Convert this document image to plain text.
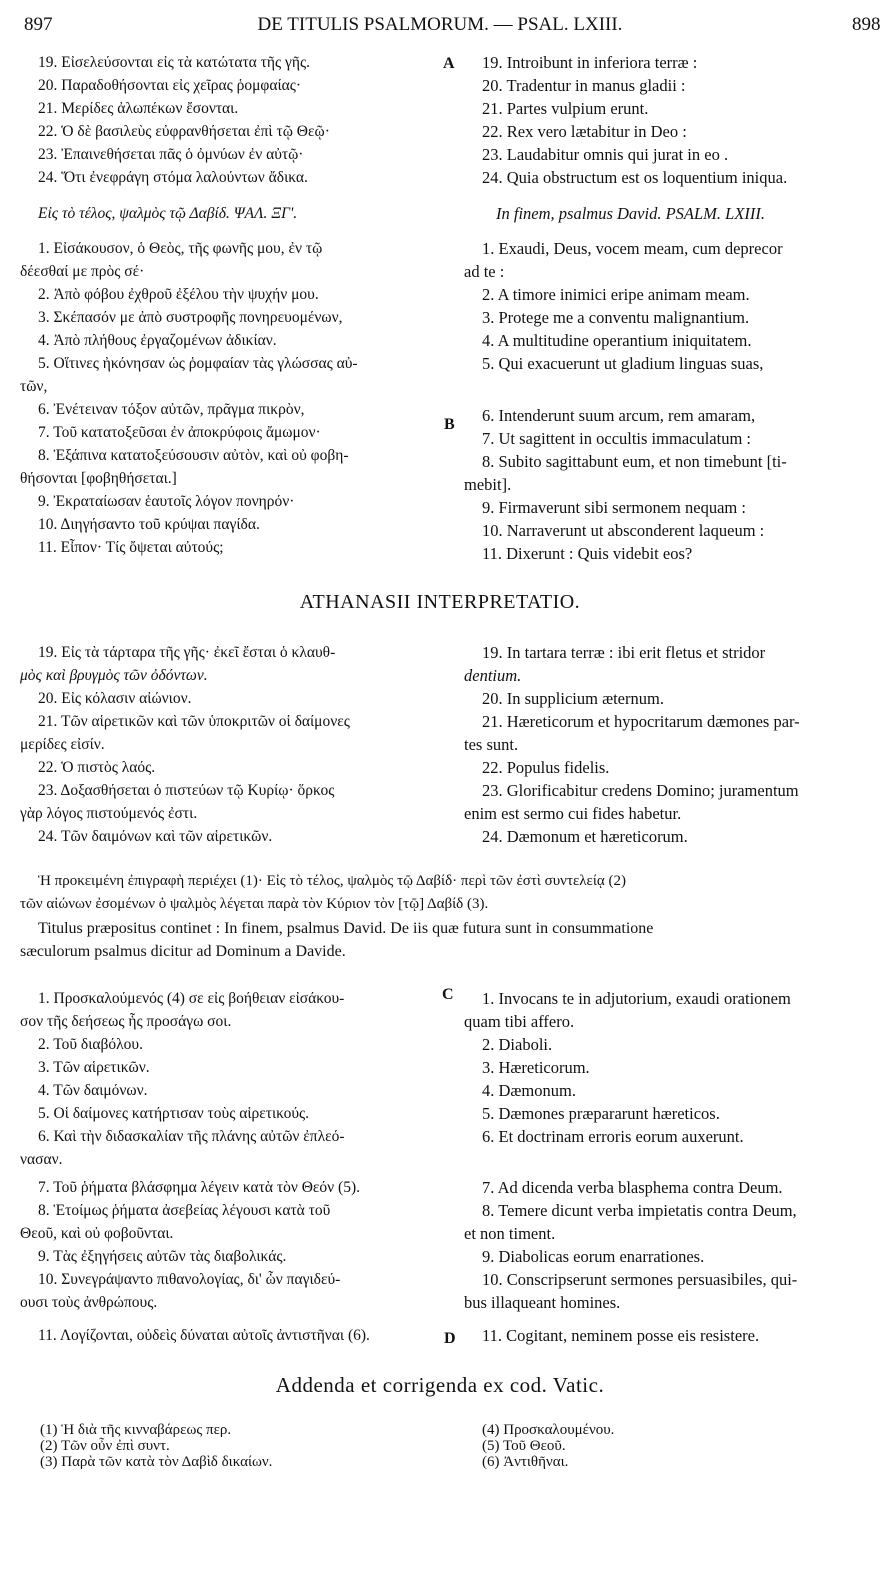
897	DE TITULIS PSALMORUM. — PSAL. LXIII.	898
A
B
C
D
19. Εἰσελεύσονται εἰς τὰ κατώτατα τῆς γῆς.
20. Παραδοθήσονται εἰς χεῖρας ῥομφαίας·
21. Μερίδες ἀλωπέκων ἔσονται.
22. Ὁ δὲ βασιλεὺς εὐφρανθήσεται ἐπὶ τῷ Θεῷ·
23. Ἐπαινεθήσεται πᾶς ὁ ὀμνύων ἐν αὐτῷ·
24. Ὅτι ἐνεφράγη στόμα λαλούντων ἄδικα.
Εἰς τὸ τέλος, ψαλμὸς τῷ Δαβίδ. ΨΑΛ. ΞΓ'.
1. Εἰσάκουσον, ὁ Θεὸς, τῆς φωνῆς μου, ἐν τῷ
δέεσθαί με πρὸς σέ·
2. Ἀπὸ φόβου ἐχθροῦ ἐξέλου τὴν ψυχήν μου.
3. Σκέπασόν με ἀπὸ συστροφῆς πονηρευομένων,
4. Ἀπὸ πλήθους ἐργαζομένων ἀδικίαν.
5. Οἵτινες ἠκόνησαν ὡς ῥομφαίαν τὰς γλώσσας αὐ-
τῶν,
6. Ἐνέτειναν τόξον αὐτῶν, πρᾶγμα πικρὸν,
7. Τοῦ κατατοξεῦσαι ἐν ἀποκρύφοις ἄμωμον·
8. Ἐξάπινα κατατοξεύσουσιν αὐτὸν, καὶ οὐ φοβη-
θήσονται [φοβηθήσεται.]
9. Ἐκραταίωσαν ἑαυτοῖς λόγον πονηρόν·
10. Διηγήσαντο τοῦ κρύψαι παγίδα.
11. Εἶπον· Τίς ὄψεται αὐτούς;
19. Introibunt in inferiora terræ :
20. Tradentur in manus gladii :
21. Partes vulpium erunt.
22. Rex vero lætabitur in Deo :
23. Laudabitur omnis qui jurat in eo .
24. Quia obstructum est os loquentium iniqua.
In finem, psalmus David. PSALM. LXIII.
1. Exaudi, Deus, vocem meam, cum deprecor
ad te :
2. A timore inimici eripe animam meam.
3. Protege me a conventu malignantium.
4. A multitudine operantium iniquitatem.
5. Qui exacuerunt ut gladium linguas suas,
6. Intenderunt suum arcum, rem amaram,
7. Ut sagittent in occultis immaculatum :
8. Subito sagittabunt eum, et non timebunt [ti-
mebit].
9. Firmaverunt sibi sermonem nequam :
10. Narraverunt ut absconderent laqueum :
11. Dixerunt : Quis videbit eos?
ATHANASII INTERPRETATIO.
19. Εἰς τὰ τάρταρα τῆς γῆς· ἐκεῖ ἔσται ὁ κλαυθ-
μὸς καὶ βρυγμὸς τῶν ὀδόντων.
20. Εἰς κόλασιν αἰώνιον.
21. Τῶν αἱρετικῶν καὶ τῶν ὑποκριτῶν οἱ δαίμονες
μερίδες εἰσίν.
22. Ὁ πιστὸς λαός.
23. Δοξασθήσεται ὁ πιστεύων τῷ Κυρίῳ· ὅρκος
γὰρ λόγος πιστούμενός ἐστι.
24. Τῶν δαιμόνων καὶ τῶν αἱρετικῶν.
19. In tartara terræ : ibi erit fletus et stridor
dentium.
20. In supplicium æternum.
21. Hæreticorum et hypocritarum dæmones par-
tes sunt.
22. Populus fidelis.
23. Glorificabitur credens Domino; juramentum
enim est sermo cui fides habetur.
24. Dæmonum et hæreticorum.
Ἡ προκειμένη ἐπιγραφὴ περιέχει (1)· Εἰς τὸ τέλος, ψαλμὸς τῷ Δαβίδ· περὶ τῶν ἐστὶ συντελείᾳ (2)
τῶν αἰώνων ἐσομένων ὁ ψαλμὸς λέγεται παρὰ τὸν Κύριον τὸν [τῷ] Δαβίδ (3).
Titulus præpositus continet : In finem, psalmus David. De iis quæ futura sunt in consummatione
sæculorum psalmus dicitur ad Dominum a Davide.
1. Προσκαλούμενός (4) σε εἰς βοήθειαν εἰσάκου-
σον τῆς δεήσεως ἧς προσάγω σοι.
2. Τοῦ διαβόλου.
3. Τῶν αἱρετικῶν.
4. Τῶν δαιμόνων.
5. Οἱ δαίμονες κατήρτισαν τοὺς αἱρετικούς.
6. Καὶ τὴν διδασκαλίαν τῆς πλάνης αὐτῶν ἐπλεό-
νασαν.
7. Τοῦ ῥήματα βλάσφημα λέγειν κατὰ τὸν Θεόν (5).
8. Ἑτοίμως ῥήματα ἀσεβείας λέγουσι κατὰ τοῦ
Θεοῦ, καὶ οὐ φοβοῦνται.
9. Τὰς ἐξηγήσεις αὐτῶν τὰς διαβολικάς.
10. Συνεγράψαντο πιθανολογίας, δι' ὧν παγιδεύ-
ουσι τοὺς ἀνθρώπους.
11. Λογίζονται, οὐδεὶς δύναται αὐτοῖς ἀντιστῆναι (6).
1. Invocans te in adjutorium, exaudi orationem
quam tibi affero.
2. Diaboli.
3. Hæreticorum.
4. Dæmonum.
5. Dæmones præpararunt hæreticos.
6. Et doctrinam erroris eorum auxerunt.
7. Ad dicenda verba blasphema contra Deum.
8. Temere dicunt verba impietatis contra Deum,
et non timent.
9. Diabolicas eorum enarrationes.
10. Conscripserunt sermones persuasibiles, qui-
bus illaqueant homines.
11. Cogitant, neminem posse eis resistere.
Addenda et corrigenda ex cod. Vatic.
(1) Ἡ διὰ τῆς κινναβάρεως περ.
(2) Τῶν οὖν ἐπὶ συντ.
(3) Παρὰ τῶν κατὰ τὸν Δαβὶδ δικαίων.
(4) Προσκαλουμένου.
(5) Τοῦ Θεοῦ.
(6) Ἀντιθῆναι.
